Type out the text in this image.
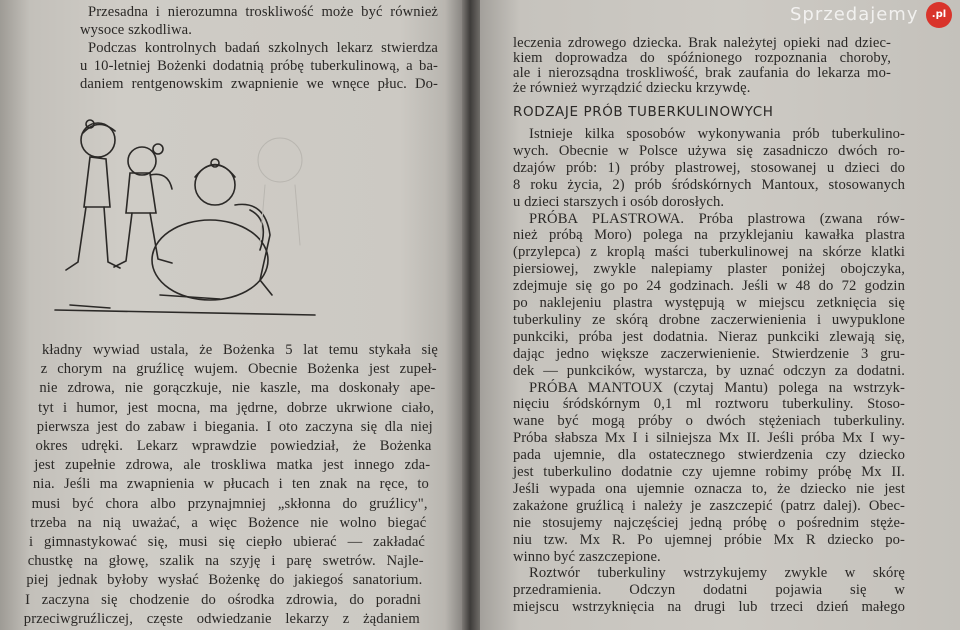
Przesadna i nierozumna troskliwość może być również
wysoce szkodliwa.
Podczas kontrolnych badań szkolnych lekarz stwierdza
u 10-letniej Bożenki dodatnią próbę tuberkulinową, a ba-
daniem rentgenowskim zwapnienie we wnęce płuc. Do-
kładny wywiad ustala, że Bożenka 5 lat temu stykała się
z chorym na gruźlicę wujem. Obecnie Bożenka jest zupeł-
nie zdrowa, nie gorączkuje, nie kaszle, ma doskonały ape-
tyt i humor, jest mocna, ma jędrne, dobrze ukrwione ciało,
pierwsza jest do zabaw i biegania. I oto zaczyna się dla niej
okres udręki. Lekarz wprawdzie powiedział, że Bożenka
jest zupełnie zdrowa, ale troskliwa matka jest innego zda-
nia. Jeśli ma zwapnienia w płucach i ten znak na ręce, to
musi być chora albo przynajmniej „skłonna do gruźlicy",
trzeba na nią uważać, a więc Bożence nie wolno biegać
i gimnastykować się, musi się ciepło ubierać — zakładać
chustkę na głowę, szalik na szyję i parę swetrów. Najle-
piej jednak byłoby wysłać Bożenkę do jakiegoś sanatorium.
I zaczyna się chodzenie do ośrodka zdrowia, do poradni
przeciwgruźliczej, częste odwiedzanie lekarzy z żądaniem
leczenia zdrowego dziecka. Brak należytej opieki nad dziec-
kiem doprowadza do spóźnionego rozpoznania choroby,
ale i nierozsądna troskliwość, brak zaufania do lekarza mo-
że również wyrządzić dziecku krzywdę.
RODZAJE PRÓB TUBERKULINOWYCH
Istnieje kilka sposobów wykonywania prób tuberkulino-
wych. Obecnie w Polsce używa się zasadniczo dwóch ro-
dzajów prób: 1) próby plastrowej, stosowanej u dzieci do
8 roku życia, 2) prób śródskórnych Mantoux, stosowanych
u dzieci starszych i osób dorosłych.
PRÓBA PLASTROWA. Próba plastrowa (zwana rów-
nież próbą Moro) polega na przyklejaniu kawałka plastra
(przylepca) z kroplą maści tuberkulinowej na skórze klatki
piersiowej, zwykle nalepiamy plaster poniżej obojczyka,
zdejmuje się go po 24 godzinach. Jeśli w 48 do 72 godzin
po naklejeniu plastra występują w miejscu zetknięcia się
tuberkuliny ze skórą drobne zaczerwienienia i uwypuklone
punkciki, próba jest dodatnia. Nieraz punkciki zlewają się,
dając jedno większe zaczerwienienie. Stwierdzenie 3 gru-
dek — punkcików, wystarcza, by uznać odczyn za dodatni.
PRÓBA MANTOUX (czytaj Mantu) polega na wstrzyk-
nięciu śródskórnym 0,1 ml roztworu tuberkuliny. Stoso-
wane być mogą próby o dwóch stężeniach tuberkuliny.
Próba słabsza Mx I i silniejsza Mx II. Jeśli próba Mx I wy-
pada ujemnie, dla ostatecznego stwierdzenia czy dziecko
jest tuberkulino dodatnie czy ujemne robimy próbę Mx II.
Jeśli wypada ona ujemnie oznacza to, że dziecko nie jest
zakażone gruźlicą i należy je zaszczepić (patrz dalej). Obec-
nie stosujemy najczęściej jedną próbę o pośrednim stęże-
niu tzw. Mx R. Po ujemnej próbie Mx R dziecko po-
winno być zaszczepione.
Roztwór tuberkuliny wstrzykujemy zwykle w skórę
przedramienia. Odczyn dodatni pojawia się w
miejscu wstrzyknięcia na drugi lub trzeci dzień małego
Sprzedajemy	.pl
